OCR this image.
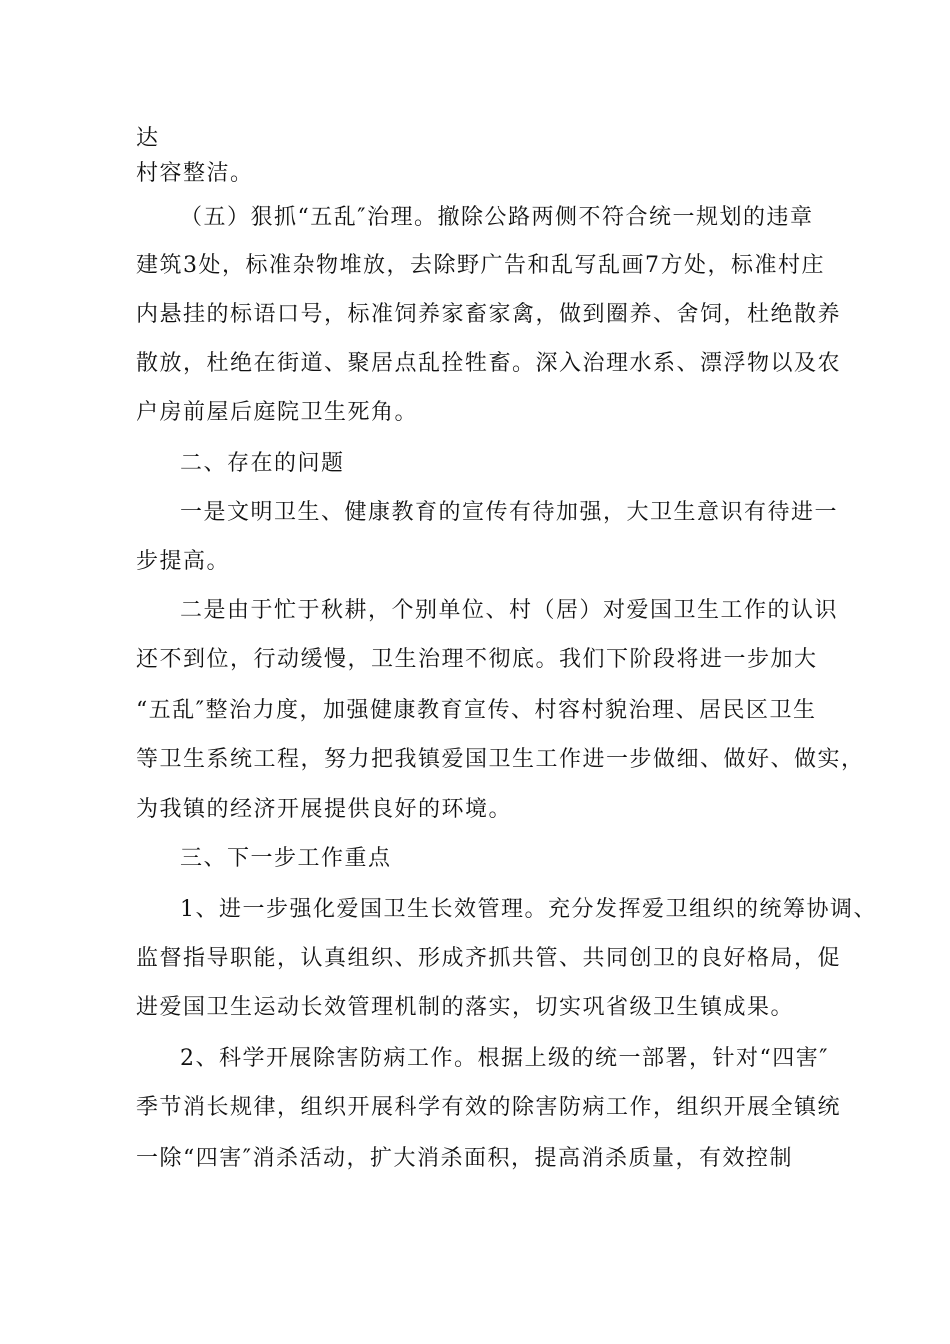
达
村容整洁。
（五）狠抓“五乱″治理。撤除公路两侧不符合统一规划的违章
建筑3处，标准杂物堆放，去除野广告和乱写乱画7方处，标准村庄
内悬挂的标语口号，标准饲养家畜家禽，做到圈养、舍饲，杜绝散养
散放，杜绝在街道、聚居点乱拴牲畜。深入治理水系、漂浮物以及农
户房前屋后庭院卫生死角。
二、存在的问题
一是文明卫生、健康教育的宣传有待加强，大卫生意识有待进一
步提高。
二是由于忙于秋耕，个别单位、村（居）对爱国卫生工作的认识
还不到位，行动缓慢，卫生治理不彻底。我们下阶段将进一步加大
“五乱″整治力度，加强健康教育宣传、村容村貌治理、居民区卫生
等卫生系统工程，努力把我镇爱国卫生工作进一步做细、做好、做实，
为我镇的经济开展提供良好的环境。
三、下一步工作重点
1、进一步强化爱国卫生长效管理。充分发挥爱卫组织的统筹协调、
监督指导职能，认真组织、形成齐抓共管、共同创卫的良好格局，促
进爱国卫生运动长效管理机制的落实，切实巩省级卫生镇成果。
2、科学开展除害防病工作。根据上级的统一部署，针对“四害″
季节消长规律，组织开展科学有效的除害防病工作，组织开展全镇统
一除“四害″消杀活动，扩大消杀面积，提高消杀质量，有效控制
